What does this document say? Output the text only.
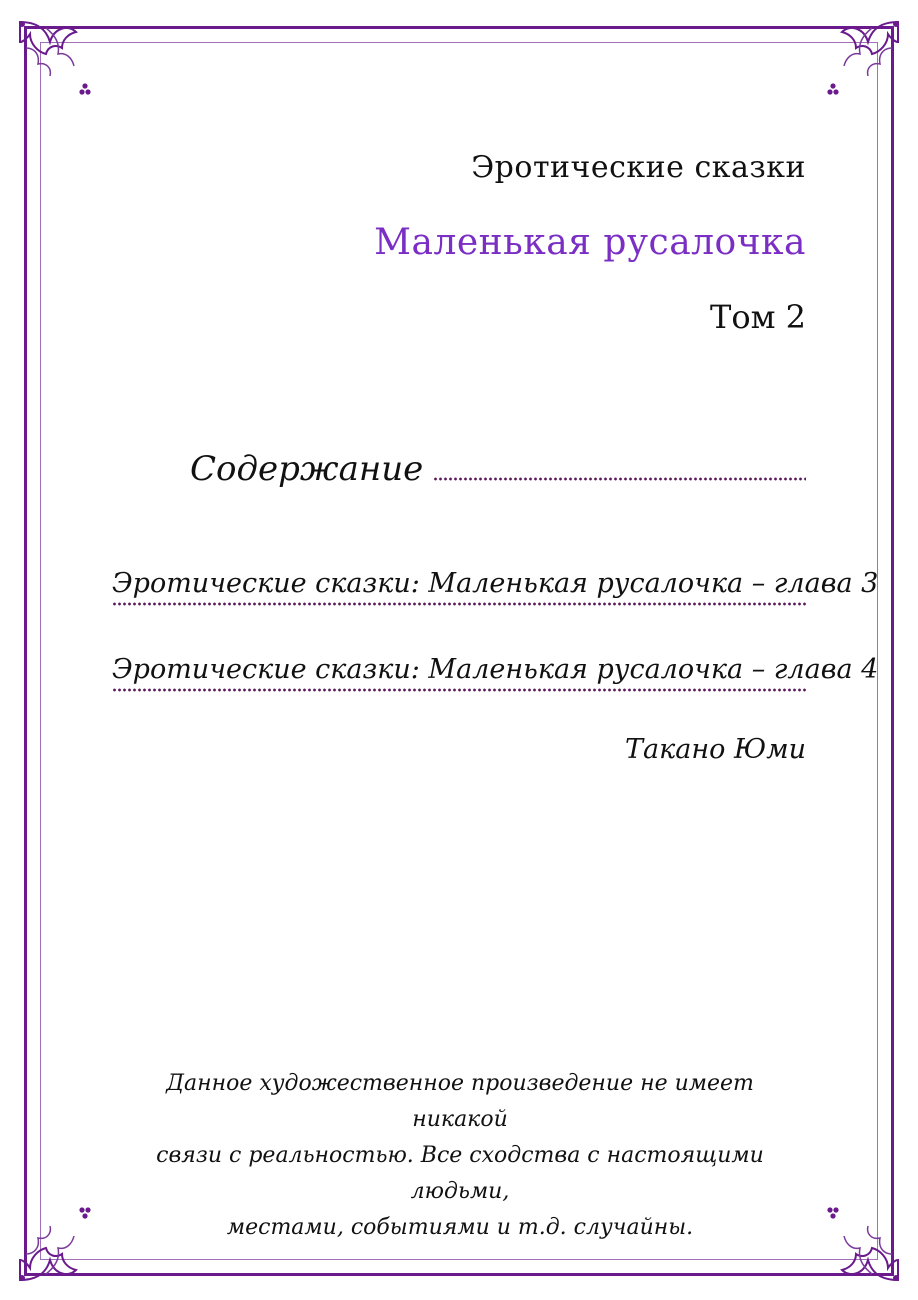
Эротические сказки
Маленькая русалочка
Том 2
Содержание
Эротические сказки: Маленькая русалочка – глава 3
Эротические сказки: Маленькая русалочка – глава 4
Такано Юми
Данное художественное произведение не имеет никакой
связи с реальностью. Все сходства с настоящими людьми,
местами, событиями и т.д. случайны.
